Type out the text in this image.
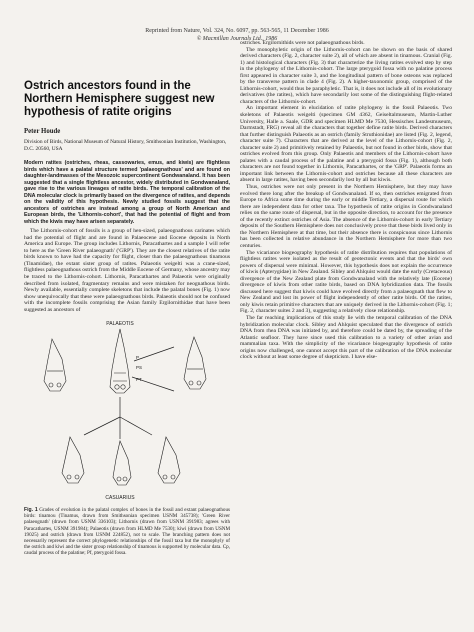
Reprinted from Nature, Vol. 324, No. 6097, pp. 563-565, 11 December 1986
© Macmillan Journals Ltd., 1986
Ostrich ancestors found in the Northern Hemisphere suggest new hypothesis of ratite origins
Peter Houde
Division of Birds, National Museum of Natural History, Smithsonian Institution, Washington, D.C. 20560, USA

Modern ratites (ostriches, rheas, cassowaries, emus, and kiwis) are flightless birds which have a palatal structure termed 'palaeognathous' and are found on daughter-landmasses of the Mesozoic supercontinent Gondwanaland. It has been suggested that a single flightless ancestor, widely distributed in Gondwanaland, gave rise to the various lineages of ratite birds. The temporal calibration of the DNA molecular clock is primarily based on the divergence of ratites, and depends on the validity of this hypothesis. Newly studied fossils suggest that the ancestors of ostriches are instead among a group of North American and European birds, the 'Lithornis-cohort', that had the potential of flight and from which the kiwis may have arisen separately.

The Lithornis-cohort of fossils is a group of hen-sized, palaeognathous carinates which had the potential of flight and are found in Palaeocene and Eocene deposits in North America and Europe. The group includes Lithornis, Paracathartes and a sample I will refer to here as the 'Green River palaeognath' ('GRP'). They are the closest relatives of the ratite birds known to have had the capacity for flight, closer than the palaeognathous tinamous (Tinamidae), the extant sister group of ratites. Palaeotis weigelti was a crane-sized, flightless palaeognathous ostrich from the Middle Eocene of Germany, whose ancestry may be traced to the Lithornis-cohort. Lithornis, Paracathartes and Palaeotis were originally described from isolated, fragmentary remains and were mistaken for neognathous birds. Newly available, essentially complete skeletons that include the palatal bones (Fig. 1) now show unequivocally that these were palaeognathous birds. Palaeotis should not be confused with the incomplete fossils comprising the Asian family Ergilornithidae that have been suggested as ancestors of

PALAEOTIS
P
PS
PT
CASUARIUS

Fig. 1 Grades of evolution in the palatal complex of bones in the fossil and extant palaeognathous birds: tinamou (Tinamus, drawn from Smithsonian specimen USNM 345738); 'Green River palaeognath' (drawn from USNM 336103); Lithornis (drawn from USNM 391983; agrees with Paracathartes, USNM 391984); Palaeotis (drawn from HLMD Me 7530); kiwi (drawn from USNM 19025) and ostrich (drawn from USNM 224852), not to scale. The branching pattern does not necessarily represent the correct phylogenetic relationships of the fossil taxa but the monophyly of the ostrich and kiwi and the sister group relationship of tinamous is supported by molecular data. Cp, caudal process of the palatine; Pf, pterygoid fossa.

ostriches. Ergilornithids were not palaeognathous birds.

The monophyletic origin of the Lithornis-cohort can be shown on the basis of shared derived characters (Fig. 2, character suite 2), all of which are absent in tinamous. Cranial (Fig. 1) and histological characters (Fig. 3) that characterize the living ratites evolved step by step in the phylogeny of the Lithornis-cohort. The large pterygoid fossa with no palatine process first appeared in character suite 3, and the longitudinal pattern of bone osteons was replaced by the transverse pattern in clade 4 (Fig. 2). A higher-taxonomic group, comprised of the Lithornis-cohort, would thus be paraphyletic. That is, it does not include all of its evolutionary derivatives (the ratites), which have secondarily lost some of the distinguishing flight-related characters of the Lithornis-cohort.

An important element in elucidation of ratite phylogeny is the fossil Palaeotis. Two skeletons of Palaeotis weigelti (specimen GM 4362, Geiseltalmuseum, Martin-Luther University, Halle a. Saale, GDR and specimen HLMD Me 7530, Hessisches Landesmuseum, Darmstadt, FRG) reveal all the characters that together define ratite birds. Derived characters that further distinguish Palaeotis as an ostrich (family Struthionidae) are listed (Fig. 2, legend, character suite 7). Characters that are derived at the level of the Lithornis-cohort (Fig. 2, character suite 2) and primitively retained by Palaeotis, but not found in other birds, show that ostriches evolved from this group. Only Palaeotis and members of the Lithornis-cohort have palates with a caudal process of the palatine and a pterygoid fossa (Fig. 1), although both characters are not found together in Lithornis, Paracathartes, or the 'GRP'. Palaeotis forms an important link between the Lithornis-cohort and ostriches because all these characters are absent in large ratites, having been secondarily lost by all but kiwis.

Thus, ostriches were not only present in the Northern Hemisphere, but they may have evolved there long after the breakup of Gondwanaland. If so, then ostriches emigrated from Europe to Africa some time during the early or middle Tertiary, a dispersal route for which there are independent data for other taxa. The hypothesis of ratite origins in Gondwanaland relies on the same route of dispersal, but in the opposite direction, to account for the presence of the recently extinct ostriches of Asia. The absence of the Lithornis-cohort in early Tertiary deposits of the Southern Hemisphere does not conclusively prove that these birds lived only in the Northern Hemisphere at that time, but their absence there is conspicuous since Lithornis has been collected in relative abundance in the Northern Hemisphere for more than two centuries.

The vicariance biogeography hypothesis of ratite distribution requires that populations of flightless ratites were isolated as the result of geotectonic events and that the birds' own powers of dispersal were minimal. However, this hypothesis does not explain the occurrence of kiwis (Apterygidae) in New Zealand. Sibley and Ahlquist would date the early (Cretaceous) divergence of the New Zealand plate from Gondwanaland with the relatively late (Eocene) divergence of kiwis from other ratite birds, based on DNA hybridization data. The fossils discussed here suggest that kiwis could have evolved directly from a palaeognath that flew to New Zealand and lost its power of flight independently of other ratite birds. Of the ratites, only kiwis retain primitive characters that are uniquely derived in the Lithornis-cohort (Fig. 1; Fig. 2, character suites 2 and 3), suggesting a relatively close relationship.

The far reaching implications of this study lie with the temporal calibration of the DNA hybridization molecular clock. Sibley and Ahlquist speculated that the divergence of ostrich DNA from rhea DNA was initiated by, and therefore could be dated by, the spreading of the Atlantic seafloor. They have since used this calibration to a variety of other avian and mammalian taxa. With the simplicity of the vicariance biogeography hypothesis of ratite origins now challenged, one cannot accept this part of the calibration of the DNA molecular clock without at least some degree of skepticism. I have else-
